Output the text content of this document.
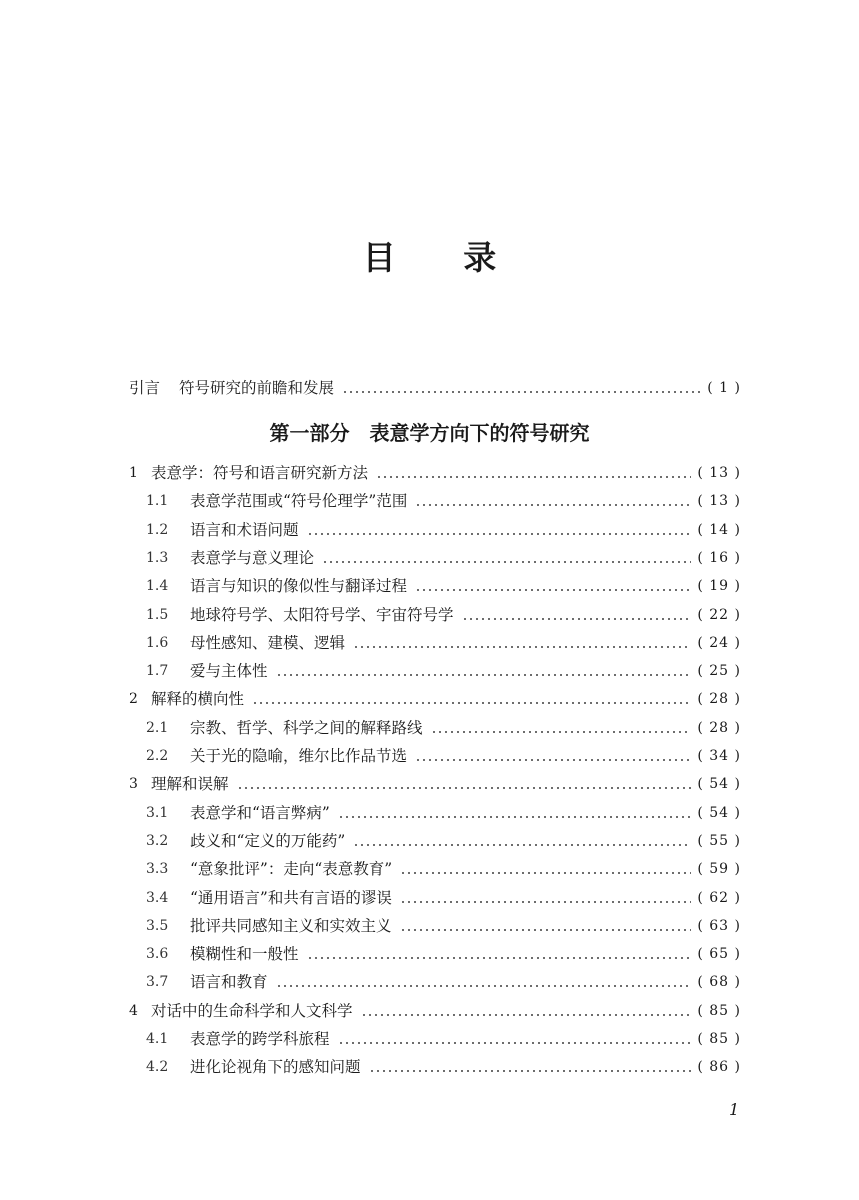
目 录
引言	符号研究的前瞻和发展	( 1 )
第一部分　表意学方向下的符号研究
1 表意学：符号和语言研究新方法	( 13 )
1.1	表意学范围或“符号伦理学”范围	( 13 )
1.2	语言和术语问题	( 14 )
1.3	表意学与意义理论	( 16 )
1.4	语言与知识的像似性与翻译过程	( 19 )
1.5	地球符号学、太阳符号学、宇宙符号学	( 22 )
1.6	母性感知、建模、逻辑	( 24 )
1.7	爱与主体性	( 25 )
2 解释的横向性	( 28 )
2.1	宗教、哲学、科学之间的解释路线	( 28 )
2.2	关于光的隐喻，维尔比作品节选	( 34 )
3 理解和误解	( 54 )
3.1	表意学和“语言弊病”	( 54 )
3.2	歧义和“定义的万能药”	( 55 )
3.3	“意象批评”：走向“表意教育”	( 59 )
3.4	“通用语言”和共有言语的谬误	( 62 )
3.5	批评共同感知主义和实效主义	( 63 )
3.6	模糊性和一般性	( 65 )
3.7	语言和教育	( 68 )
4 对话中的生命科学和人文科学	( 85 )
4.1	表意学的跨学科旅程	( 85 )
4.2	进化论视角下的感知问题	( 86 )
1
